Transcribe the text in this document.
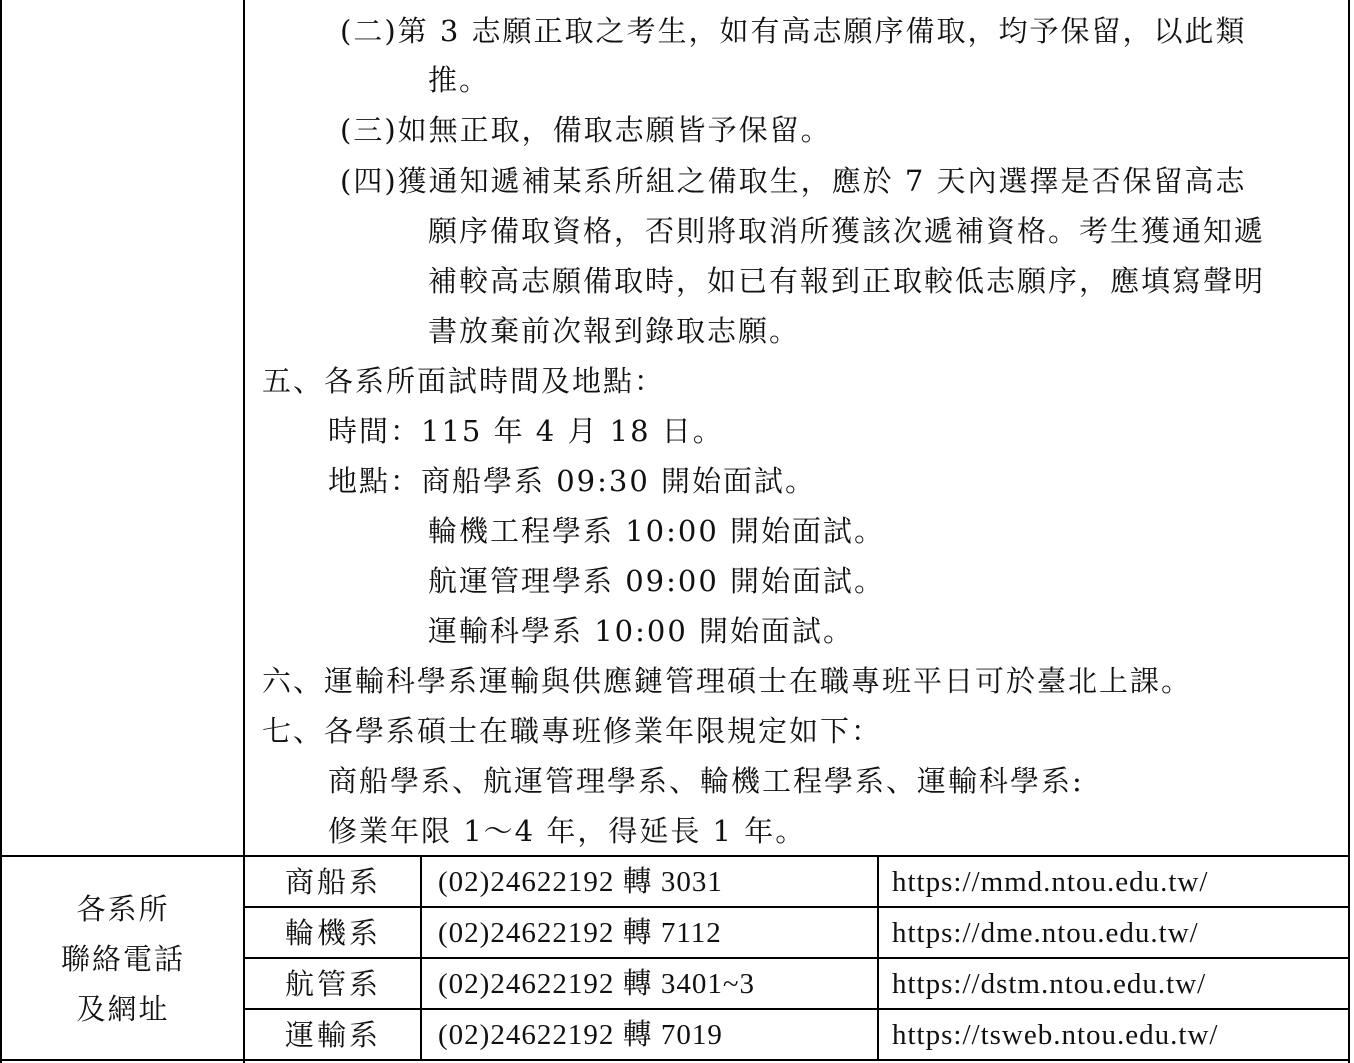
(二)第 3 志願正取之考生，如有高志願序備取，均予保留，以此類
推。
(三)如無正取，備取志願皆予保留。
(四)獲通知遞補某系所組之備取生，應於 7 天內選擇是否保留高志
願序備取資格，否則將取消所獲該次遞補資格。考生獲通知遞
補較高志願備取時，如已有報到正取較低志願序，應填寫聲明
書放棄前次報到錄取志願。
五、各系所面試時間及地點：
時間：115 年 4 月 18 日。
地點：商船學系 09:30 開始面試。
輪機工程學系 10:00 開始面試。
航運管理學系 09:00 開始面試。
運輸科學系 10:00 開始面試。
六、運輸科學系運輸與供應鏈管理碩士在職專班平日可於臺北上課。
七、各學系碩士在職專班修業年限規定如下：
商船學系、航運管理學系、輪機工程學系、運輸科學系:
修業年限 1～4 年，得延長 1 年。
各系所
聯絡電話
及網址
商船系 (02)24622192 轉 3031	https://mmd.ntou.edu.tw/
輪機系 (02)24622192 轉 7112	https://dme.ntou.edu.tw/
航管系 (02)24622192 轉 3401~3	https://dstm.ntou.edu.tw/
運輸系 (02)24622192 轉 7019	https://tsweb.ntou.edu.tw/
